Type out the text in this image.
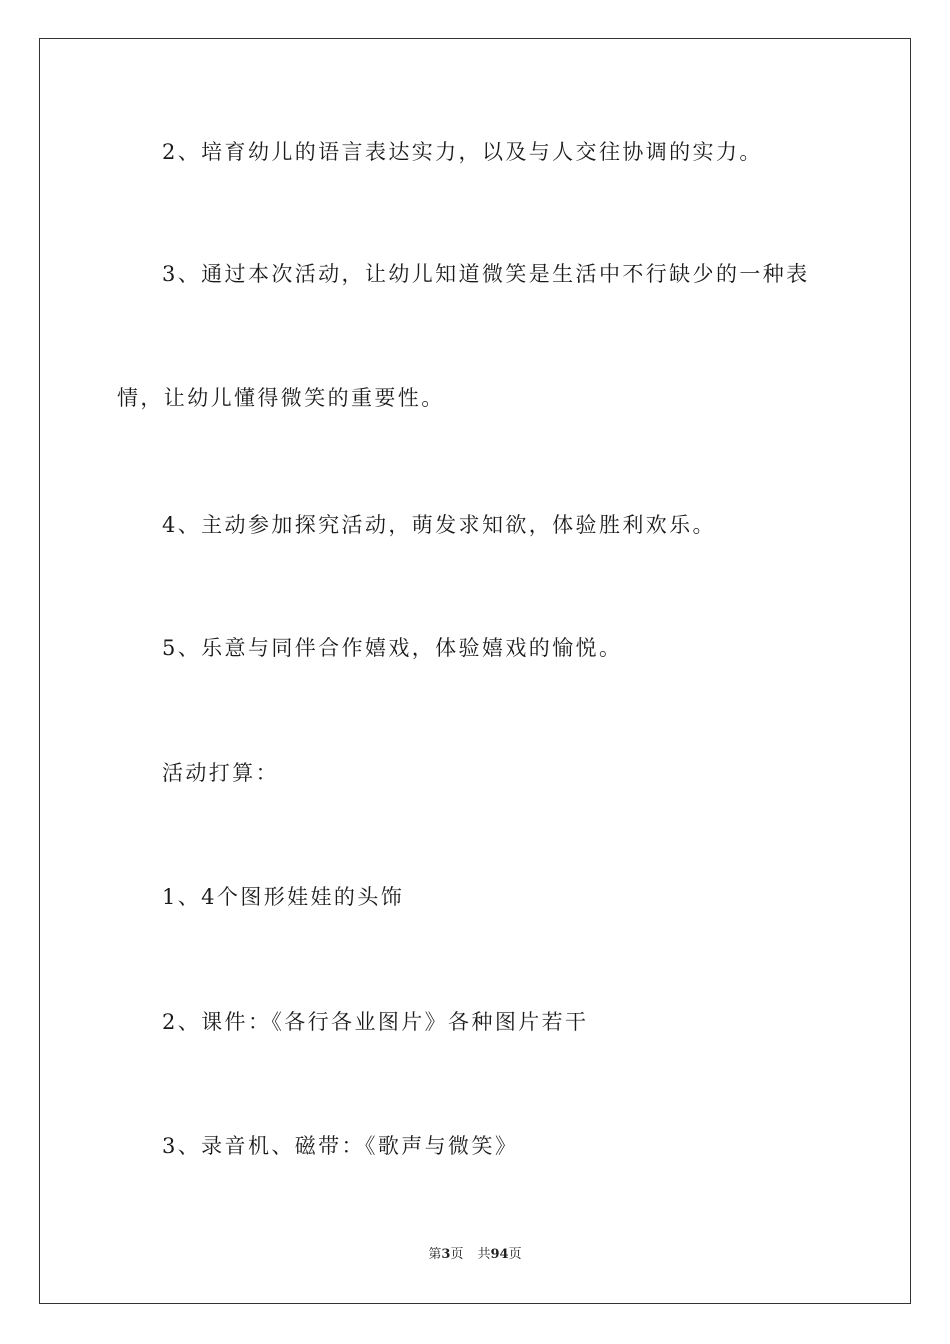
2、培育幼儿的语言表达实力，以及与人交往协调的实力。
3、通过本次活动，让幼儿知道微笑是生活中不行缺少的一种表
情，让幼儿懂得微笑的重要性。
4、主动参加探究活动，萌发求知欲，体验胜利欢乐。
5、乐意与同伴合作嬉戏，体验嬉戏的愉悦。
活动打算：
1、4个图形娃娃的头饰
2、课件：《各行各业图片》各种图片若干
3、录音机、磁带：《歌声与微笑》
第3页 共94页
